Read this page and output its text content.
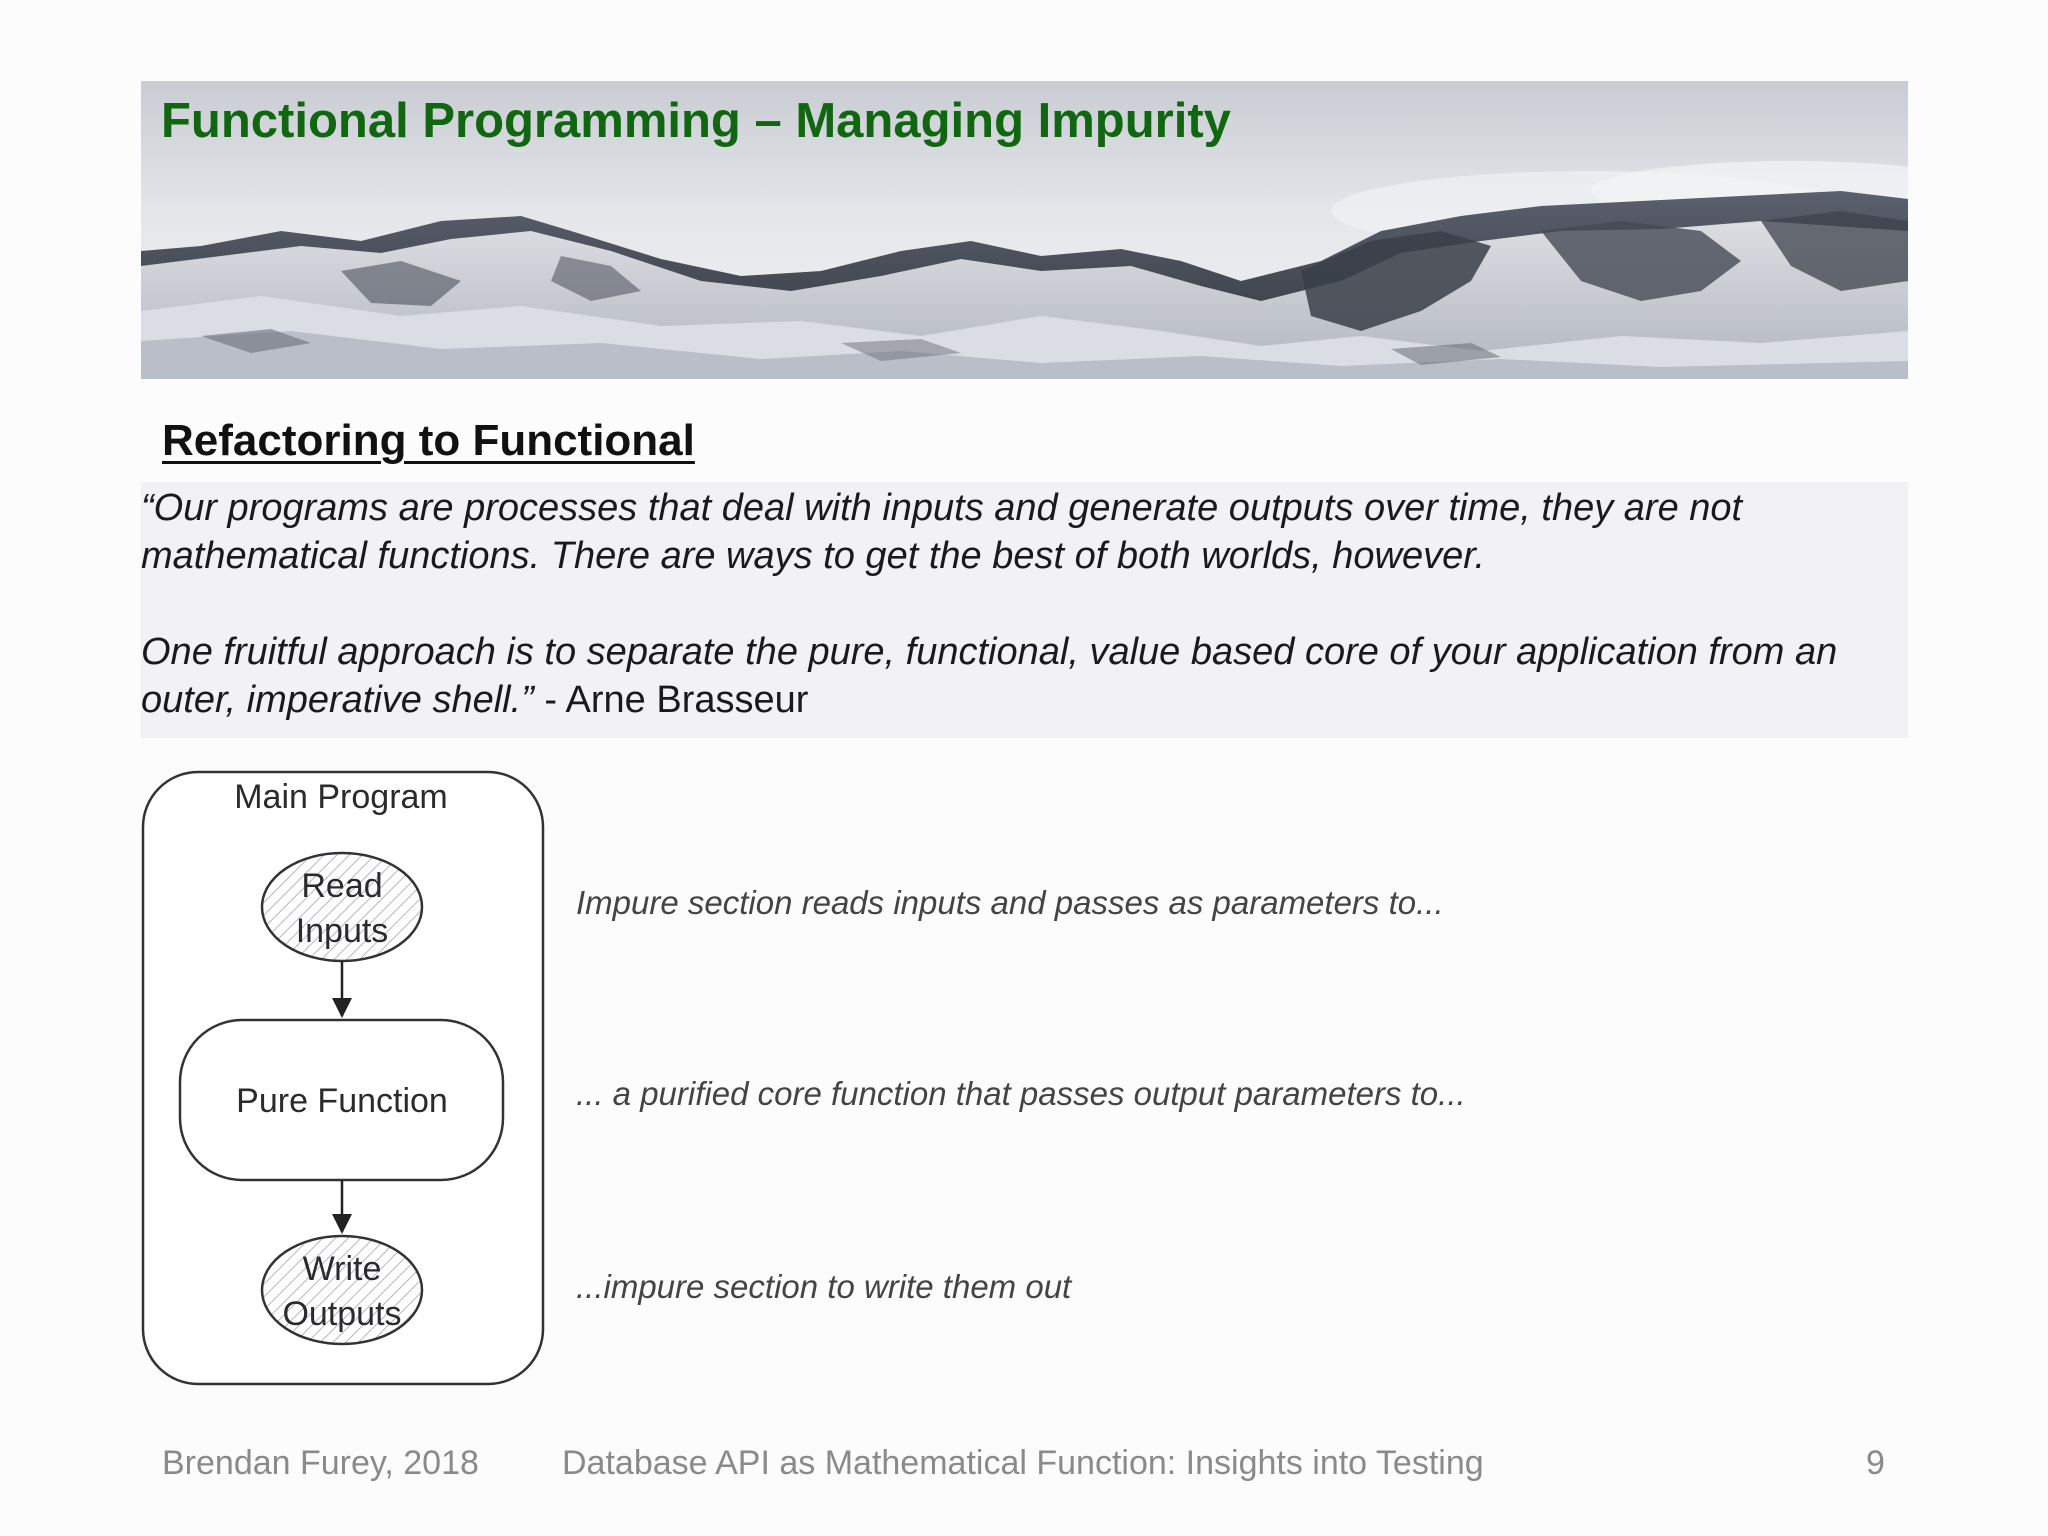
Functional Programming – Managing Impurity
Refactoring to Functional

“Our programs are processes that deal with inputs and generate outputs over time, they are not mathematical functions. There are ways to get the best of both worlds, however.

One fruitful approach is to separate the pure, functional, value based core of your application from an outer, imperative shell.” - Arne Brasseur

Main Program
Read
Inputs
Pure Function
Write
Outputs

Impure section reads inputs and passes as parameters to...

... a purified core function that passes output parameters to...

...impure section to write them out

Brendan Furey, 2018 Database API as Mathematical Function: Insights into Testing	9
